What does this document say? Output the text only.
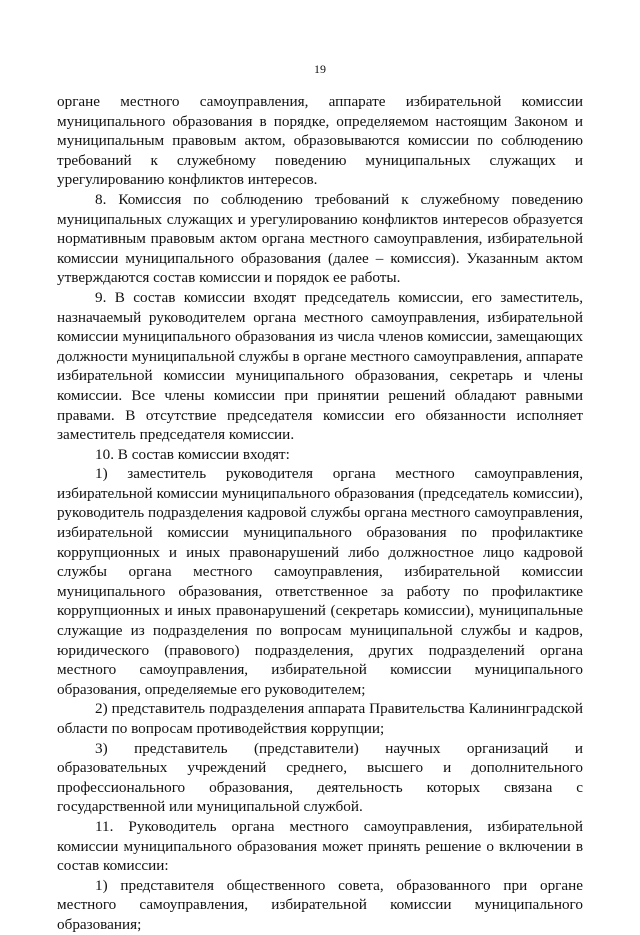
19

органе местного самоуправления, аппарате избирательной комиссии муниципального образования в порядке, определяемом настоящим Законом и муниципальным правовым актом, образовываются комиссии по соблюдению требований к служебному поведению муниципальных служащих и урегулированию конфликтов интересов.

8. Комиссия по соблюдению требований к служебному поведению муниципальных служащих и урегулированию конфликтов интересов образуется нормативным правовым актом органа местного самоуправления, избирательной комиссии муниципального образования (далее – комиссия). Указанным актом утверждаются состав комиссии и порядок ее работы.

9. В состав комиссии входят председатель комиссии, его заместитель, назначаемый руководителем органа местного самоуправления, избирательной комиссии муниципального образования из числа членов комиссии, замещающих должности муниципальной службы в органе местного самоуправления, аппарате избирательной комиссии муниципального образования, секретарь и члены комиссии. Все члены комиссии при принятии решений обладают равными правами. В отсутствие председателя комиссии его обязанности исполняет заместитель председателя комиссии.

10. В состав комиссии входят:

1) заместитель руководителя органа местного самоуправления, избирательной комиссии муниципального образования (председатель комиссии), руководитель подразделения кадровой службы органа местного самоуправления, избирательной комиссии муниципального образования по профилактике коррупционных и иных правонарушений либо должностное лицо кадровой службы органа местного самоуправления, избирательной комиссии муниципального образования, ответственное за работу по профилактике коррупционных и иных правонарушений (секретарь комиссии), муниципальные служащие из подразделения по вопросам муниципальной службы и кадров, юридического (правового) подразделения, других подразделений органа местного самоуправления, избирательной комиссии муниципального образования, определяемые его руководителем;

2) представитель подразделения аппарата Правительства Калининградской области по вопросам противодействия коррупции;

3) представитель (представители) научных организаций и образовательных учреждений среднего, высшего и дополнительного профессионального образования, деятельность которых связана с государственной или муниципальной службой.

11. Руководитель органа местного самоуправления, избирательной комиссии муниципального образования может принять решение о включении в состав комиссии:

1) представителя общественного совета, образованного при органе местного самоуправления, избирательной комиссии муниципального образования;
